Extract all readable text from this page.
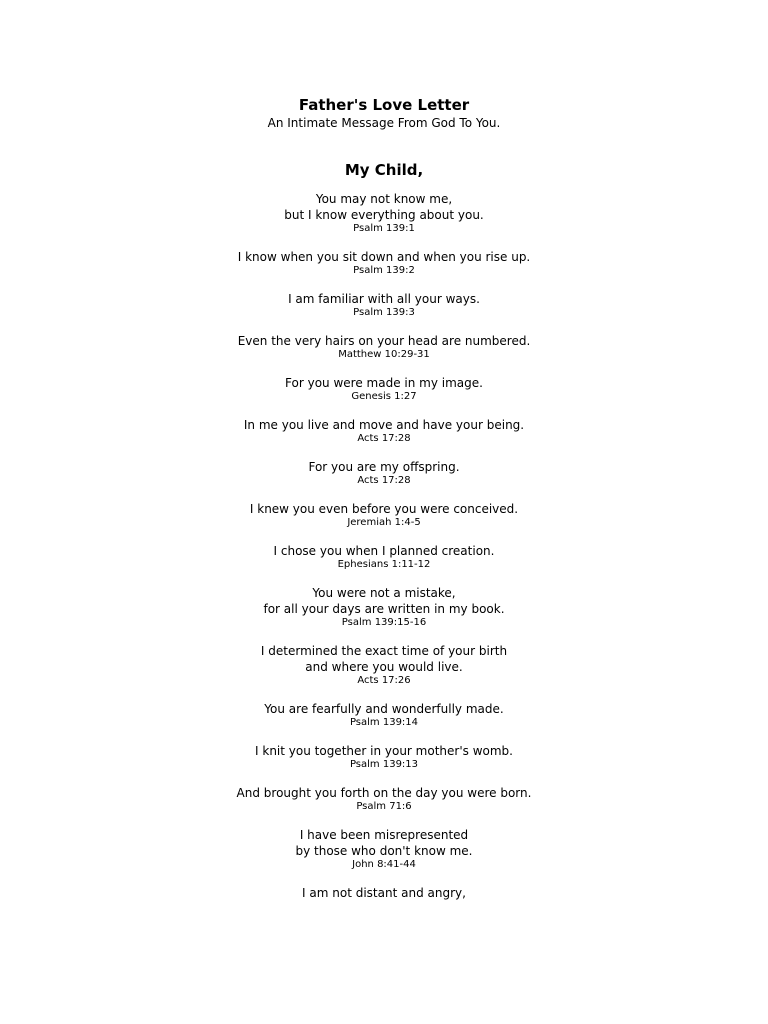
Father's Love Letter
An Intimate Message From God To You.
My Child,
You may not know me,
but I know everything about you.
Psalm 139:1
I know when you sit down and when you rise up.
Psalm 139:2
I am familiar with all your ways.
Psalm 139:3
Even the very hairs on your head are numbered.
Matthew 10:29-31
For you were made in my image.
Genesis 1:27
In me you live and move and have your being.
Acts 17:28
For you are my offspring.
Acts 17:28
I knew you even before you were conceived.
Jeremiah 1:4-5
I chose you when I planned creation.
Ephesians 1:11-12
You were not a mistake,
for all your days are written in my book.
Psalm 139:15-16
I determined the exact time of your birth
and where you would live.
Acts 17:26
You are fearfully and wonderfully made.
Psalm 139:14
I knit you together in your mother's womb.
Psalm 139:13
And brought you forth on the day you were born.
Psalm 71:6
I have been misrepresented
by those who don't know me.
John 8:41-44
I am not distant and angry,
